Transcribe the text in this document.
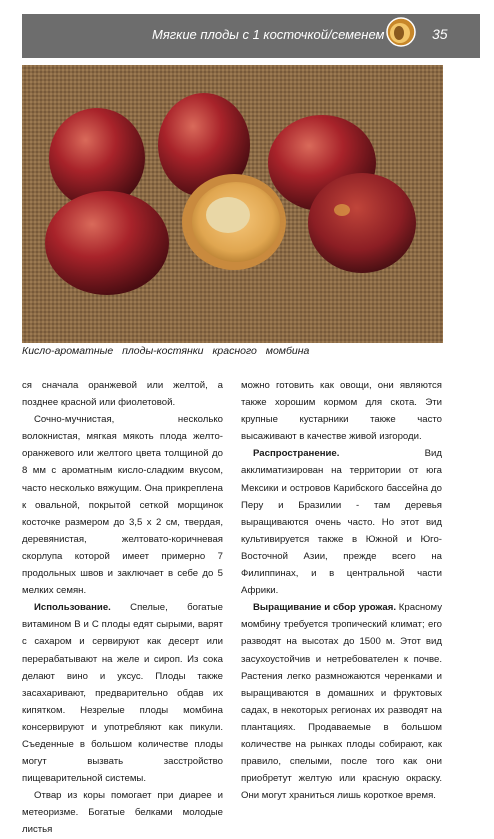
Мягкие плоды с 1 косточкой/семенем	35
Кисло-ароматные плоды-костянки красного момбина

ся сначала оранжевой или желтой, а позднее красной или фиолетовой.

Сочно-мучнистая, несколько волокнистая, мягкая мякоть плода желто-оранжевого или желтого цвета толщиной до 8 мм с ароматным кисло-сладким вкусом, часто несколько вяжущим. Она прикреплена к овальной, покрытой сеткой морщинок косточке размером до 3,5 х 2 см, твердая, деревянистая, желтовато-коричневая скорлупа которой имеет примерно 7 продольных швов и заключает в себе до 5 мелких семян.

Использование. Спелые, богатые витамином В и С плоды едят сырыми, варят с сахаром и сервируют как десерт или перерабатывают на желе и сироп. Из сока делают вино и уксус. Плоды также засахаривают, предварительно обдав их кипятком. Незрелые плоды момбина консервируют и употребляют как пикули. Съеденные в большом количестве плоды могут вызвать засстройство пищеварительной системы.

Отвар из коры помогает при диарее и метеоризме. Богатые белками молодые листья

можно готовить как овощи, они являются также хорошим кормом для скота. Эти крупные кустарники также часто высаживают в качестве живой изгороди.

Распространение. Вид акклиматизирован на территории от юга Мексики и островов Карибского бассейна до Перу и Бразилии - там деревья выращиваются очень часто. Но этот вид культивируется также в Южной и Юго-Восточной Азии, прежде всего на Филиппинах, и в центральной части Африки.

Выращивание и сбор урожая. Красному момбину требуется тропический климат; его разводят на высотах до 1500 м. Этот вид засухоустойчив и нетребователен к почве. Растения легко размножаются черенками и выращиваются в домашних и фруктовых садах, в некоторых регионах их разводят на плантациях. Продаваемые в большом количестве на рынках плоды собирают, как правило, спелыми, после того как они приобретут желтую или красную окраску. Они могут храниться лишь короткое время.
